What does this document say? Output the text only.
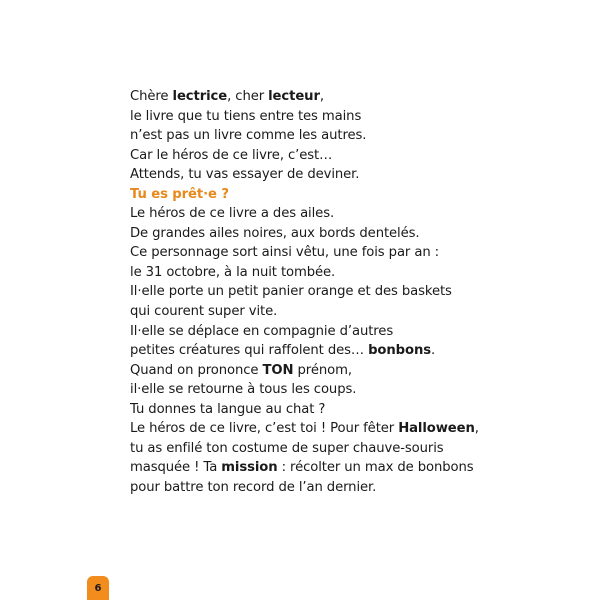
Chère lectrice, cher lecteur,
le livre que tu tiens entre tes mains
n’est pas un livre comme les autres.
Car le héros de ce livre, c’est…
Attends, tu vas essayer de deviner.
Tu es prêt·e ?
Le héros de ce livre a des ailes.
De grandes ailes noires, aux bords dentelés.
Ce personnage sort ainsi vêtu, une fois par an :
le 31 octobre, à la nuit tombée.
Il·elle porte un petit panier orange et des baskets
qui courent super vite.
Il·elle se déplace en compagnie d’autres
petites créatures qui raffolent des… bonbons.
Quand on prononce TON prénom,
il·elle se retourne à tous les coups.
Tu donnes ta langue au chat ?
Le héros de ce livre, c’est toi ! Pour fêter Halloween,
tu as enfilé ton costume de super chauve-souris
masquée ! Ta mission : récolter un max de bonbons
pour battre ton record de l’an dernier.
6
